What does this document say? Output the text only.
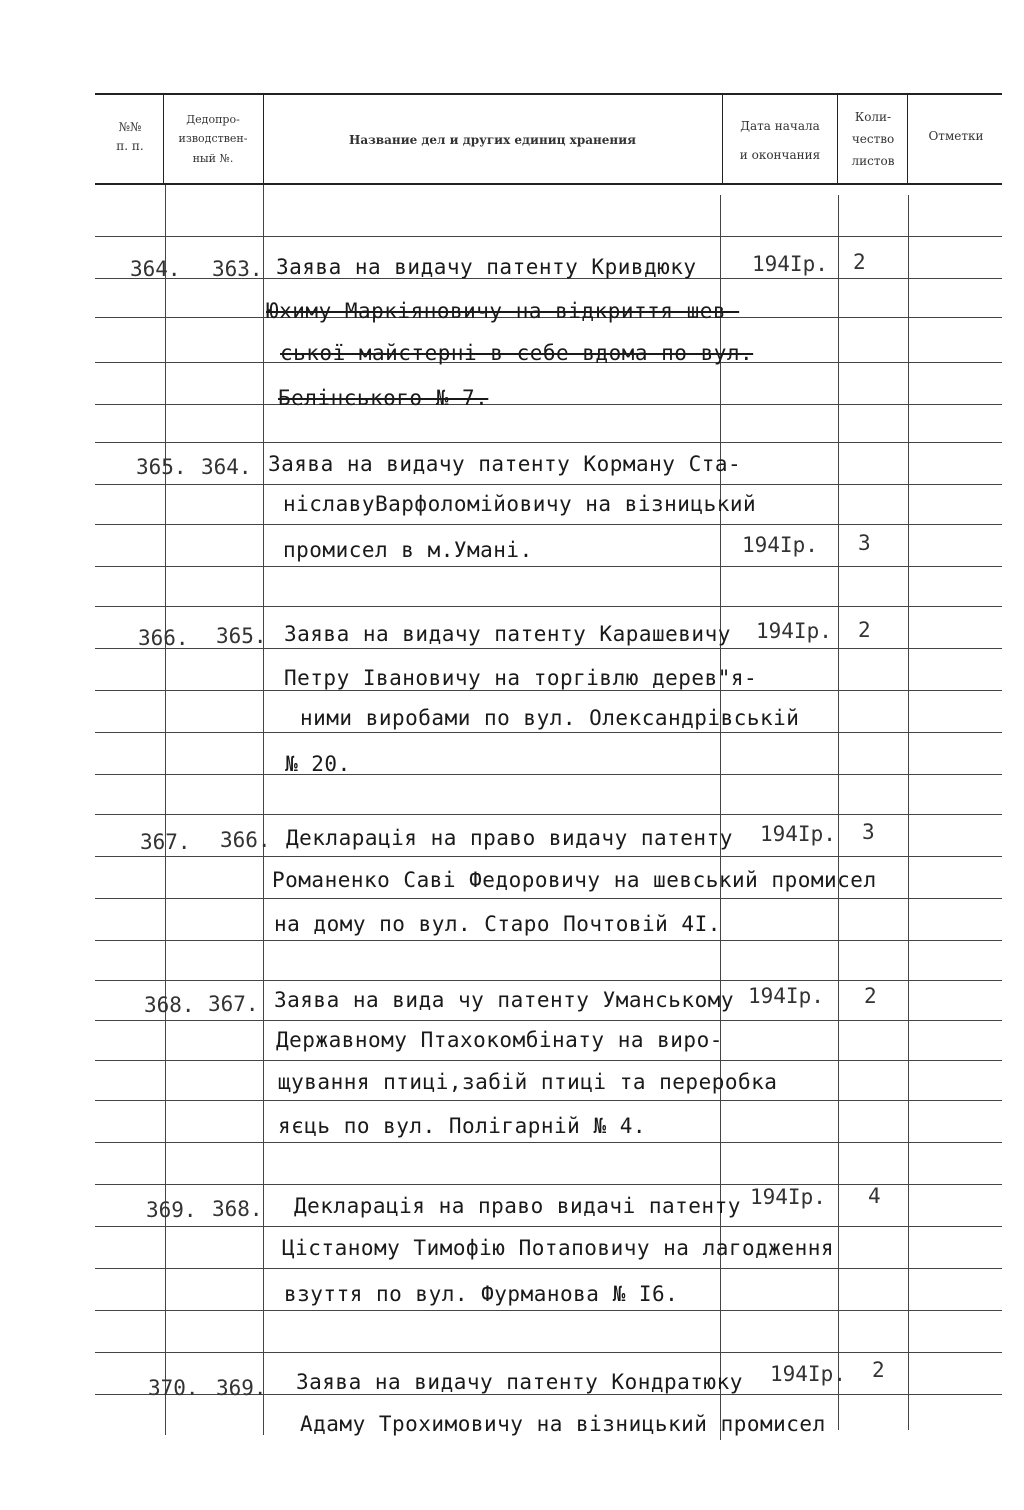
№№
п. п.
Дедопро-
изводствен-
ный №.
Название дел и других единиц хранения
Дата начала
и окончания
Коли-
чество
листов
Отметки
364. 363. Заява на видачу патенту Кривдюку
Юхиму Маркіяновичу на відкриття шев-
ської майстерні в себе вдома по вул.
Белінського № 7.
194Iр. 2
365. 364. Заява на видачу патенту Корману Ста-
ніславуВарфоломійовичу на візницький
промисел в м.Умані.	194Iр. 3
366. 365. Заява на видачу патенту Карашевичу
Петру Івановичу на торгівлю дерев"я-
ними виробами по вул. Олександрівській
№ 20.
194Iр. 2
367. 366. Декларація на право видачу патенту
Романенко Саві Федоровичу на шевський промисел
на дому по вул. Старо Почтовій 4I.
194Iр. 3
368. 367. Заява на вида чу патенту Уманському
Державному Птахокомбінату на виро-
щування птиці,забій птиці та переробка
яєць по вул. Полігарній № 4.
194Iр. 2
369. 368. Декларація на право видачі патенту
Цістаному Тимофію Потаповичу на лагодження
взуття по вул. Фурманова № I6.
194Iр. 4
370. 369. Заява на видачу патенту Кондратюку
Адаму Трохимовичу на візницький промисел
194Iр. 2
